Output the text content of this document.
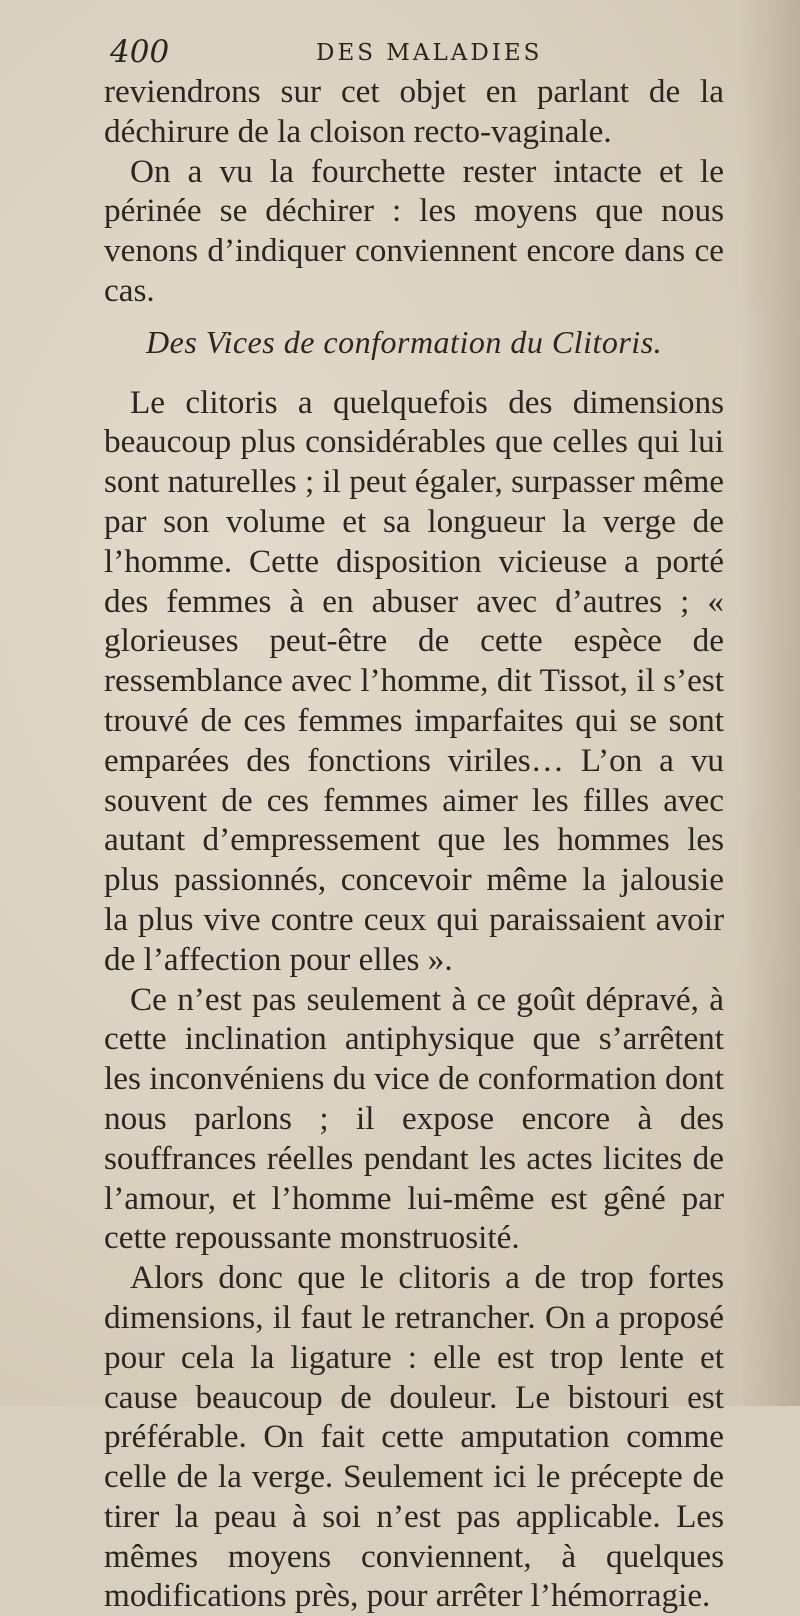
400	DES MALADIES

reviendrons sur cet objet en parlant de la déchirure de la cloison recto-vaginale.

On a vu la fourchette rester intacte et le périnée se déchirer : les moyens que nous venons d’indiquer conviennent encore dans ce cas.

Des Vices de conformation du Clitoris.

Le clitoris a quelquefois des dimensions beaucoup plus considérables que celles qui lui sont naturelles ; il peut égaler, surpasser même par son volume et sa longueur la verge de l’homme. Cette disposition vicieuse a porté des femmes à en abuser avec d’autres ; « glorieuses peut-être de cette espèce de ressemblance avec l’homme, dit Tissot, il s’est trouvé de ces femmes imparfaites qui se sont emparées des fonctions viriles… L’on a vu souvent de ces femmes aimer les filles avec autant d’empressement que les hommes les plus passionnés, concevoir même la jalousie la plus vive contre ceux qui paraissaient avoir de l’affection pour elles ».

Ce n’est pas seulement à ce goût dépravé, à cette inclination antiphysique que s’arrêtent les inconvéniens du vice de conformation dont nous parlons ; il expose encore à des souffrances réelles pendant les actes licites de l’amour, et l’homme lui-même est gêné par cette repoussante monstruosité.

Alors donc que le clitoris a de trop fortes dimensions, il faut le retrancher. On a proposé pour cela la ligature : elle est trop lente et cause beaucoup de douleur. Le bistouri est préférable. On fait cette amputation comme celle de la verge. Seulement ici le précepte de tirer la peau à soi n’est pas applicable. Les mêmes moyens conviennent, à quelques modifications près, pour arrêter l’hémorragie.
